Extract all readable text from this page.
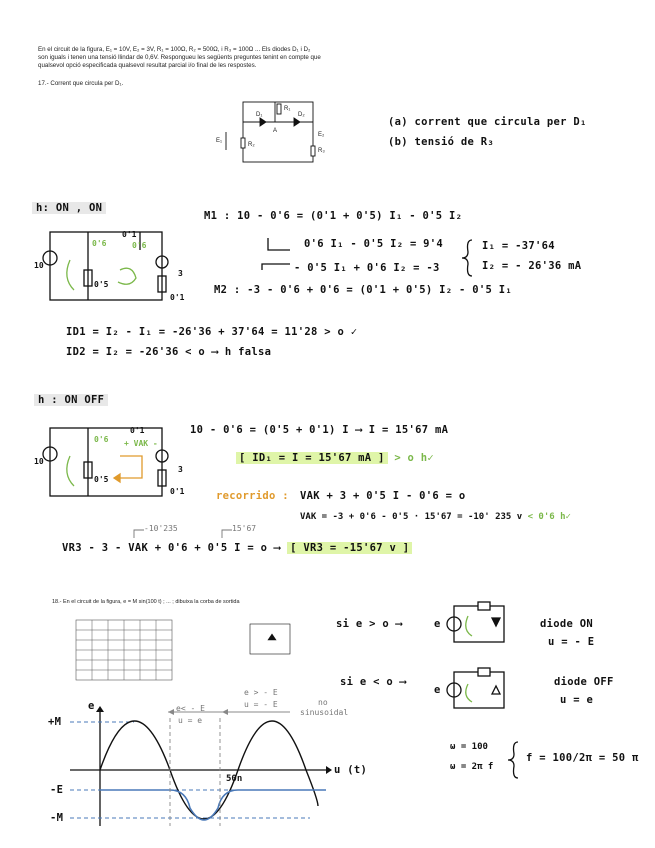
En el circuit de la figura, E₁ = 10V, E₂ = 3V, R₁ = 100Ω, R₂ = 500Ω, i R₃ = 100Ω ... Els diodes D₁ i D₂
son iguals i tenen una tensió llindar de 0,6V. Respongueu les següents preguntes tenint en compte que
qualsevol opció especificada qualsevol resultat parcial i/o final de les respostes.
17.- Corrent que circula per D₁.
(a) corrent que circula per D₁
(b) tensió de R₃
E₁
R₁
D₁	D₂
A
R₂
E₂
R₃
10
0'1
0'6	0'6
0'5
0'1
3
10
0'1
0'6 + VAK -
0'5
0'1
3
h: ON , ON
M1 : 10 - 0'6 = (0'1 + 0'5) I₁ - 0'5 I₂
0'6 I₁ - 0'5 I₂ = 9'4
- 0'5 I₁ + 0'6 I₂ = -3
M2 : -3 - 0'6 + 0'6 = (0'1 + 0'5) I₂ - 0'5 I₁
I₁ = -37'64
I₂ = - 26'36 mA
ID1 = I₂ - I₁ = -26'36 + 37'64 = 11'28 > o ✓
ID2 = I₂ = -26'36 < o ⟶ h falsa
h : ON OFF
10 - 0'6 = (0'5 + 0'1) I ⟶ I = 15'67 mA
[ ID₁ = I = 15'67 mA ] > o h✓
recorrido : VAK + 3 + 0'5 I - 0'6 = o
VAK = -3 + 0'6 - 0'5 · 15'67 = -10' 235 v < 0'6 h✓
-10'235	15'67
VR3 - 3 - VAK + 0'6 + 0'5 I = o ⟶ [ VR3 = -15'67 v ]
18.- En el circuit de la figura, e = M sin(100 t) ; ... ; dibuixa la corba de sortida
si e > o ⟶	e	diode ON
u = - E
si e < o ⟶
e
diode OFF
u = e
ω = 100
ω = 2π f
f = 100/2π = 50 π
e
u (t)
+M
-E
-M
50n
e< - E
u = e
e > - E
u = - E	no
sinusoidal
